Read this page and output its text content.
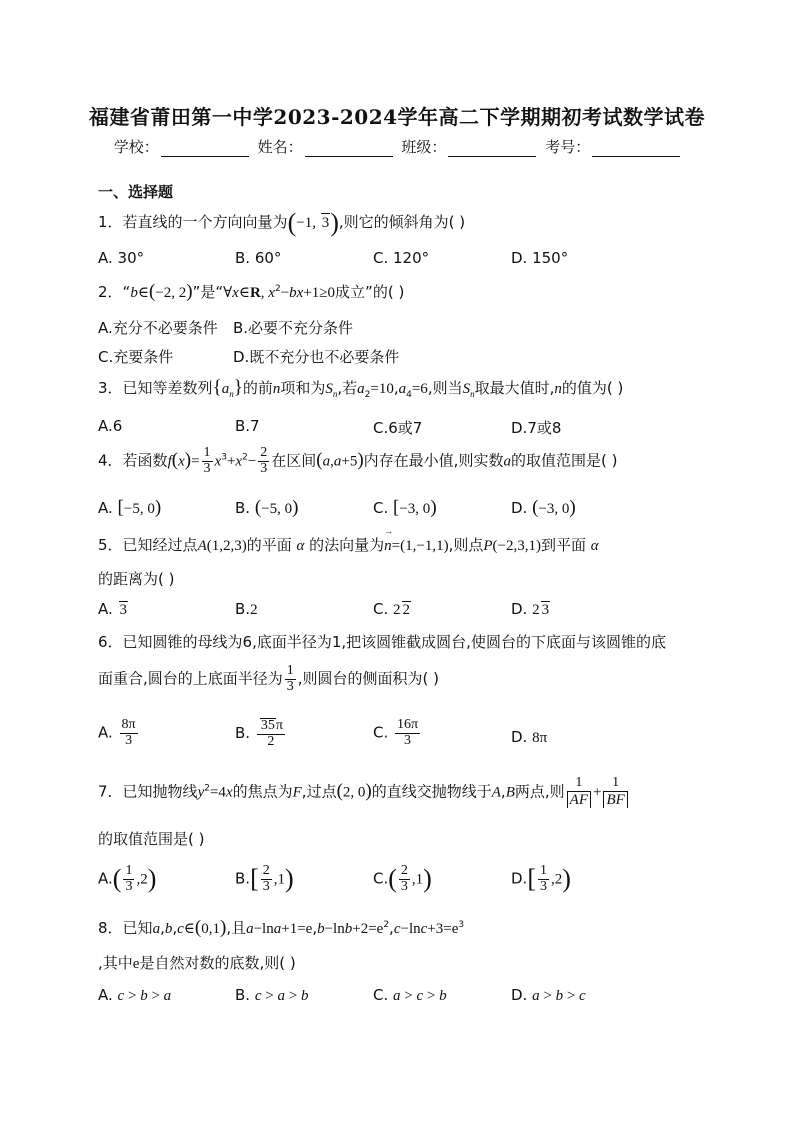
福建省莆田第一中学2023-2024学年高二下学期期初考试数学试卷
学校：	姓名：	班级：	考号：
一、选择题
1．若直线的一个方向向量为(−1, 3),则它的倾斜角为( )
A. 30°	B. 60°	C. 120°	D. 150°
2．“b∈(−2, 2)”是“∀x∈R, $x^2-bx+1\ge 0$成立”的( )
A.充分不必要条件 B.必要不充分条件
C.充要条件	D.既不充分也不必要条件
3．已知等差数列$\{a_n\}$的前n项和为$S_n$,若$a_2=10,a_4=6$,则当$S_n$取最大值时,n的值为( )
A.6	B.7	C.6或7	D.7或8
4．若函数$f(x)= \frac{1}{3} x^3+x^2- \frac{2}{3}$ 在区间(a,a+5)内存在最小值,则实数a的取值范围是( )
A. [−5, 0)	B. (−5, 0)	C. [−3, 0)	D. (−3, 0)
5．已知经过点A(1,2,3)的平面 α 的法向量为→ n=(1,−1,1),则点P(−2,3,1)到平面 α
的距离为( )
A. 3	B.2	C. 2 2	D. 2 3
6．已知圆锥的母线为6,底面半径为1,把该圆锥截成圆台,使圆台的下底面与该圆锥的底
面重合,圆台的上底面半径为 $\frac{1}{3}$ ,则圆台的侧面积为( )
A. $\frac{8\pi}{3}$	B. $\frac{35\pi}{2}$	C. $\frac{16\pi}{3}$	D. 8π
7．已知抛物线$y^2=4x$的焦点为F,过点(2, 0)的直线交抛物线于A,B两点,则 $\frac{1}{AF} + \frac{1}{BF}$
的取值范围是( )
$A.( \frac{1}{3} ,2)$	$B.[ \frac{2}{3} ,1)$	$C.( \frac{2}{3} ,1)$	$D.[ \frac{1}{3} ,2)$
8．已知a,b,c∈(0,1),且$a-\ln a+1=e,b-\ln b+2=e^2,c-\ln c+3=e^3$
,其中e是自然对数的底数,则( )
A. c > b > a	B. c > a > b	C. a > c > b	D. a > b > c
